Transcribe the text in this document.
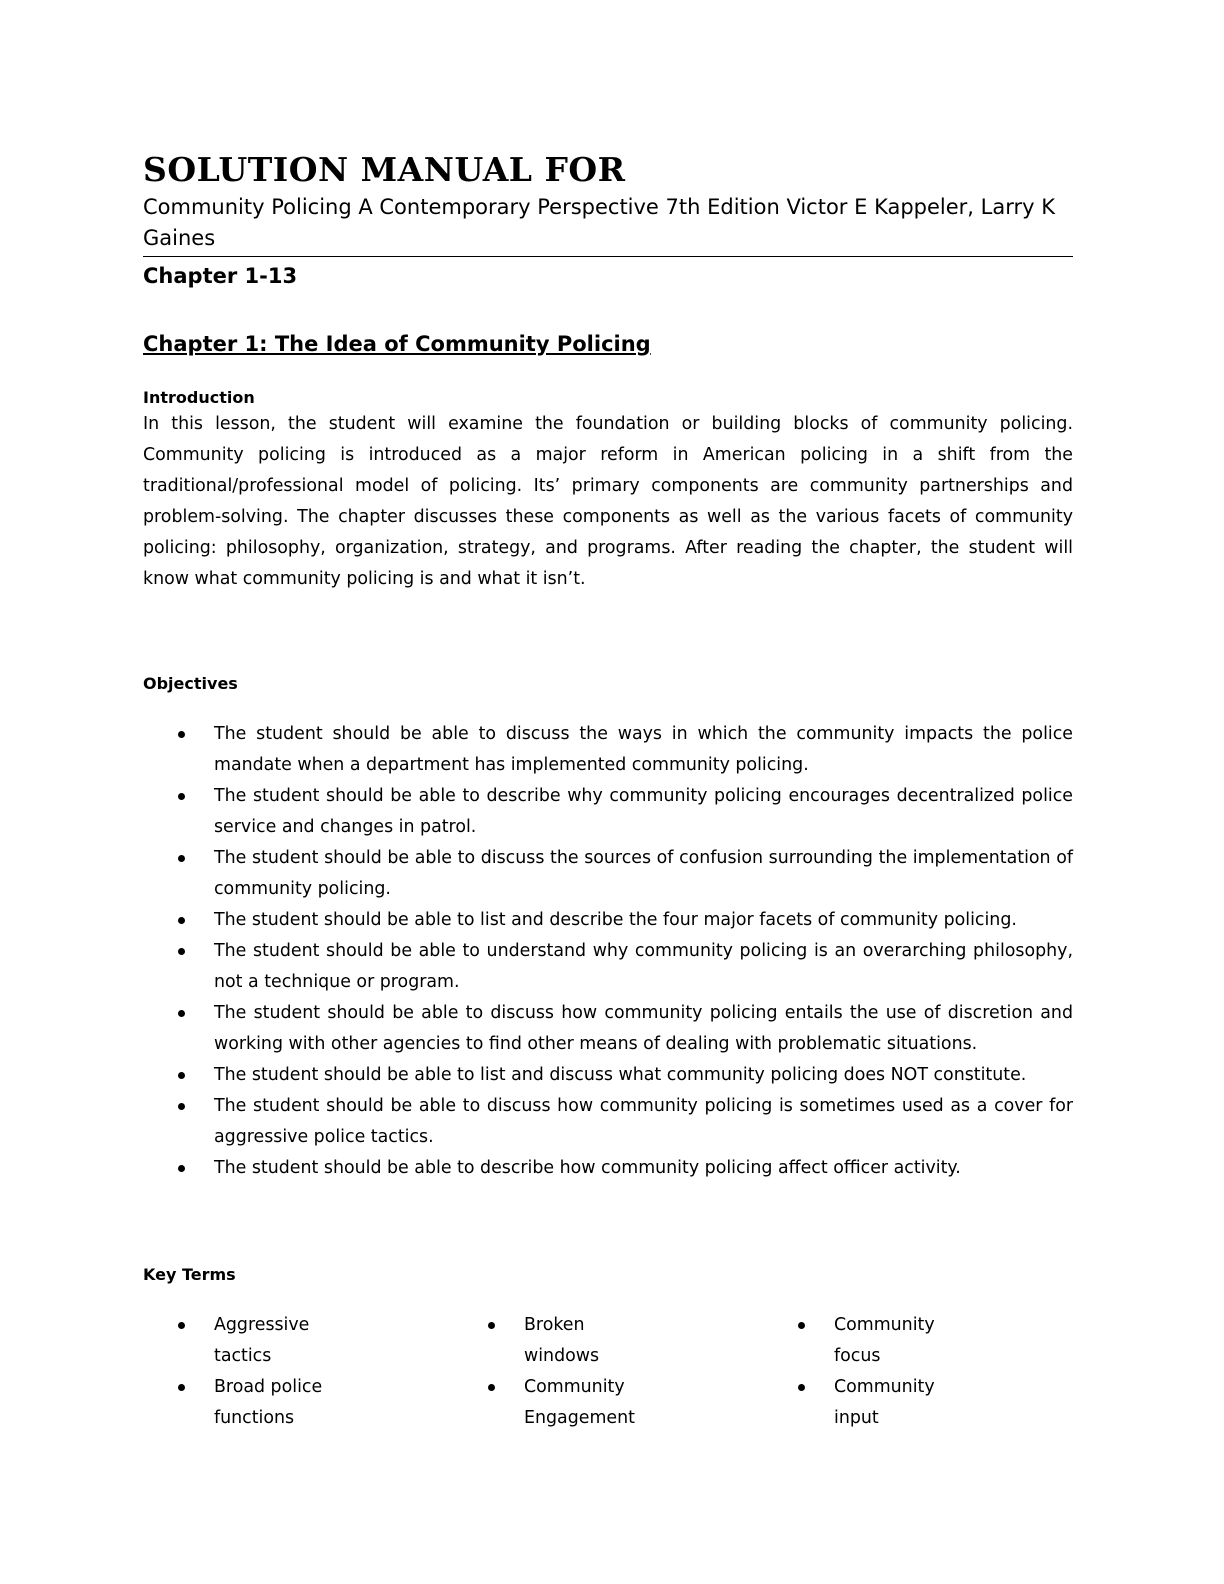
SOLUTION MANUAL FOR

Community Policing A Contemporary Perspective 7th Edition Victor E Kappeler, Larry K Gaines

Chapter 1-13

Chapter 1: The Idea of Community Policing
Introduction

In this lesson, the student will examine the foundation or building blocks of community policing. Community policing is introduced as a major reform in American policing in a shift from the traditional/professional model of policing. Its’ primary components are community partnerships and problem-solving. The chapter discusses these components as well as the various facets of community policing: philosophy, organization, strategy, and programs. After reading the chapter, the student will know what community policing is and what it isn’t.

Objectives
The student should be able to discuss the ways in which the community impacts the police mandate when a department has implemented community policing.
The student should be able to describe why community policing encourages decentralized police service and changes in patrol.
The student should be able to discuss the sources of confusion surrounding the implementation of community policing.
The student should be able to list and describe the four major facets of community policing.
The student should be able to understand why community policing is an overarching philosophy, not a technique or program.
The student should be able to discuss how community policing entails the use of discretion and working with other agencies to find other means of dealing with problematic situations.
The student should be able to list and discuss what community policing does NOT constitute.
The student should be able to discuss how community policing is sometimes used as a cover for aggressive police tactics.
The student should be able to describe how community policing affect officer activity.
Key Terms
Aggressive tactics
Broad police functions
Broken windows
Community Engagement
Community focus
Community input
